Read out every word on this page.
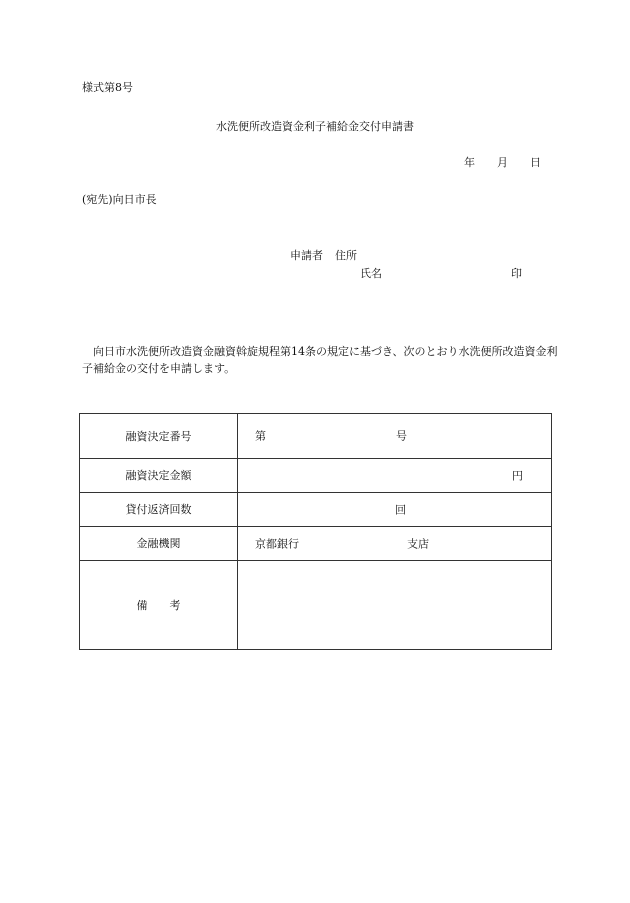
様式第8号
水洗便所改造資金利子補給金交付申請書
年 月 日
(宛先)向日市長
申請者 住所
氏名	印
向日市水洗便所改造資金融資斡旋規程第14条の規定に基づき、次のとおり水洗便所改造資金利子補給金の交付を申請します。
融資決定番号	第 号

融資決定金額	円

貸付返済回数	回

金融機関	京都銀行 支店

備 考	
